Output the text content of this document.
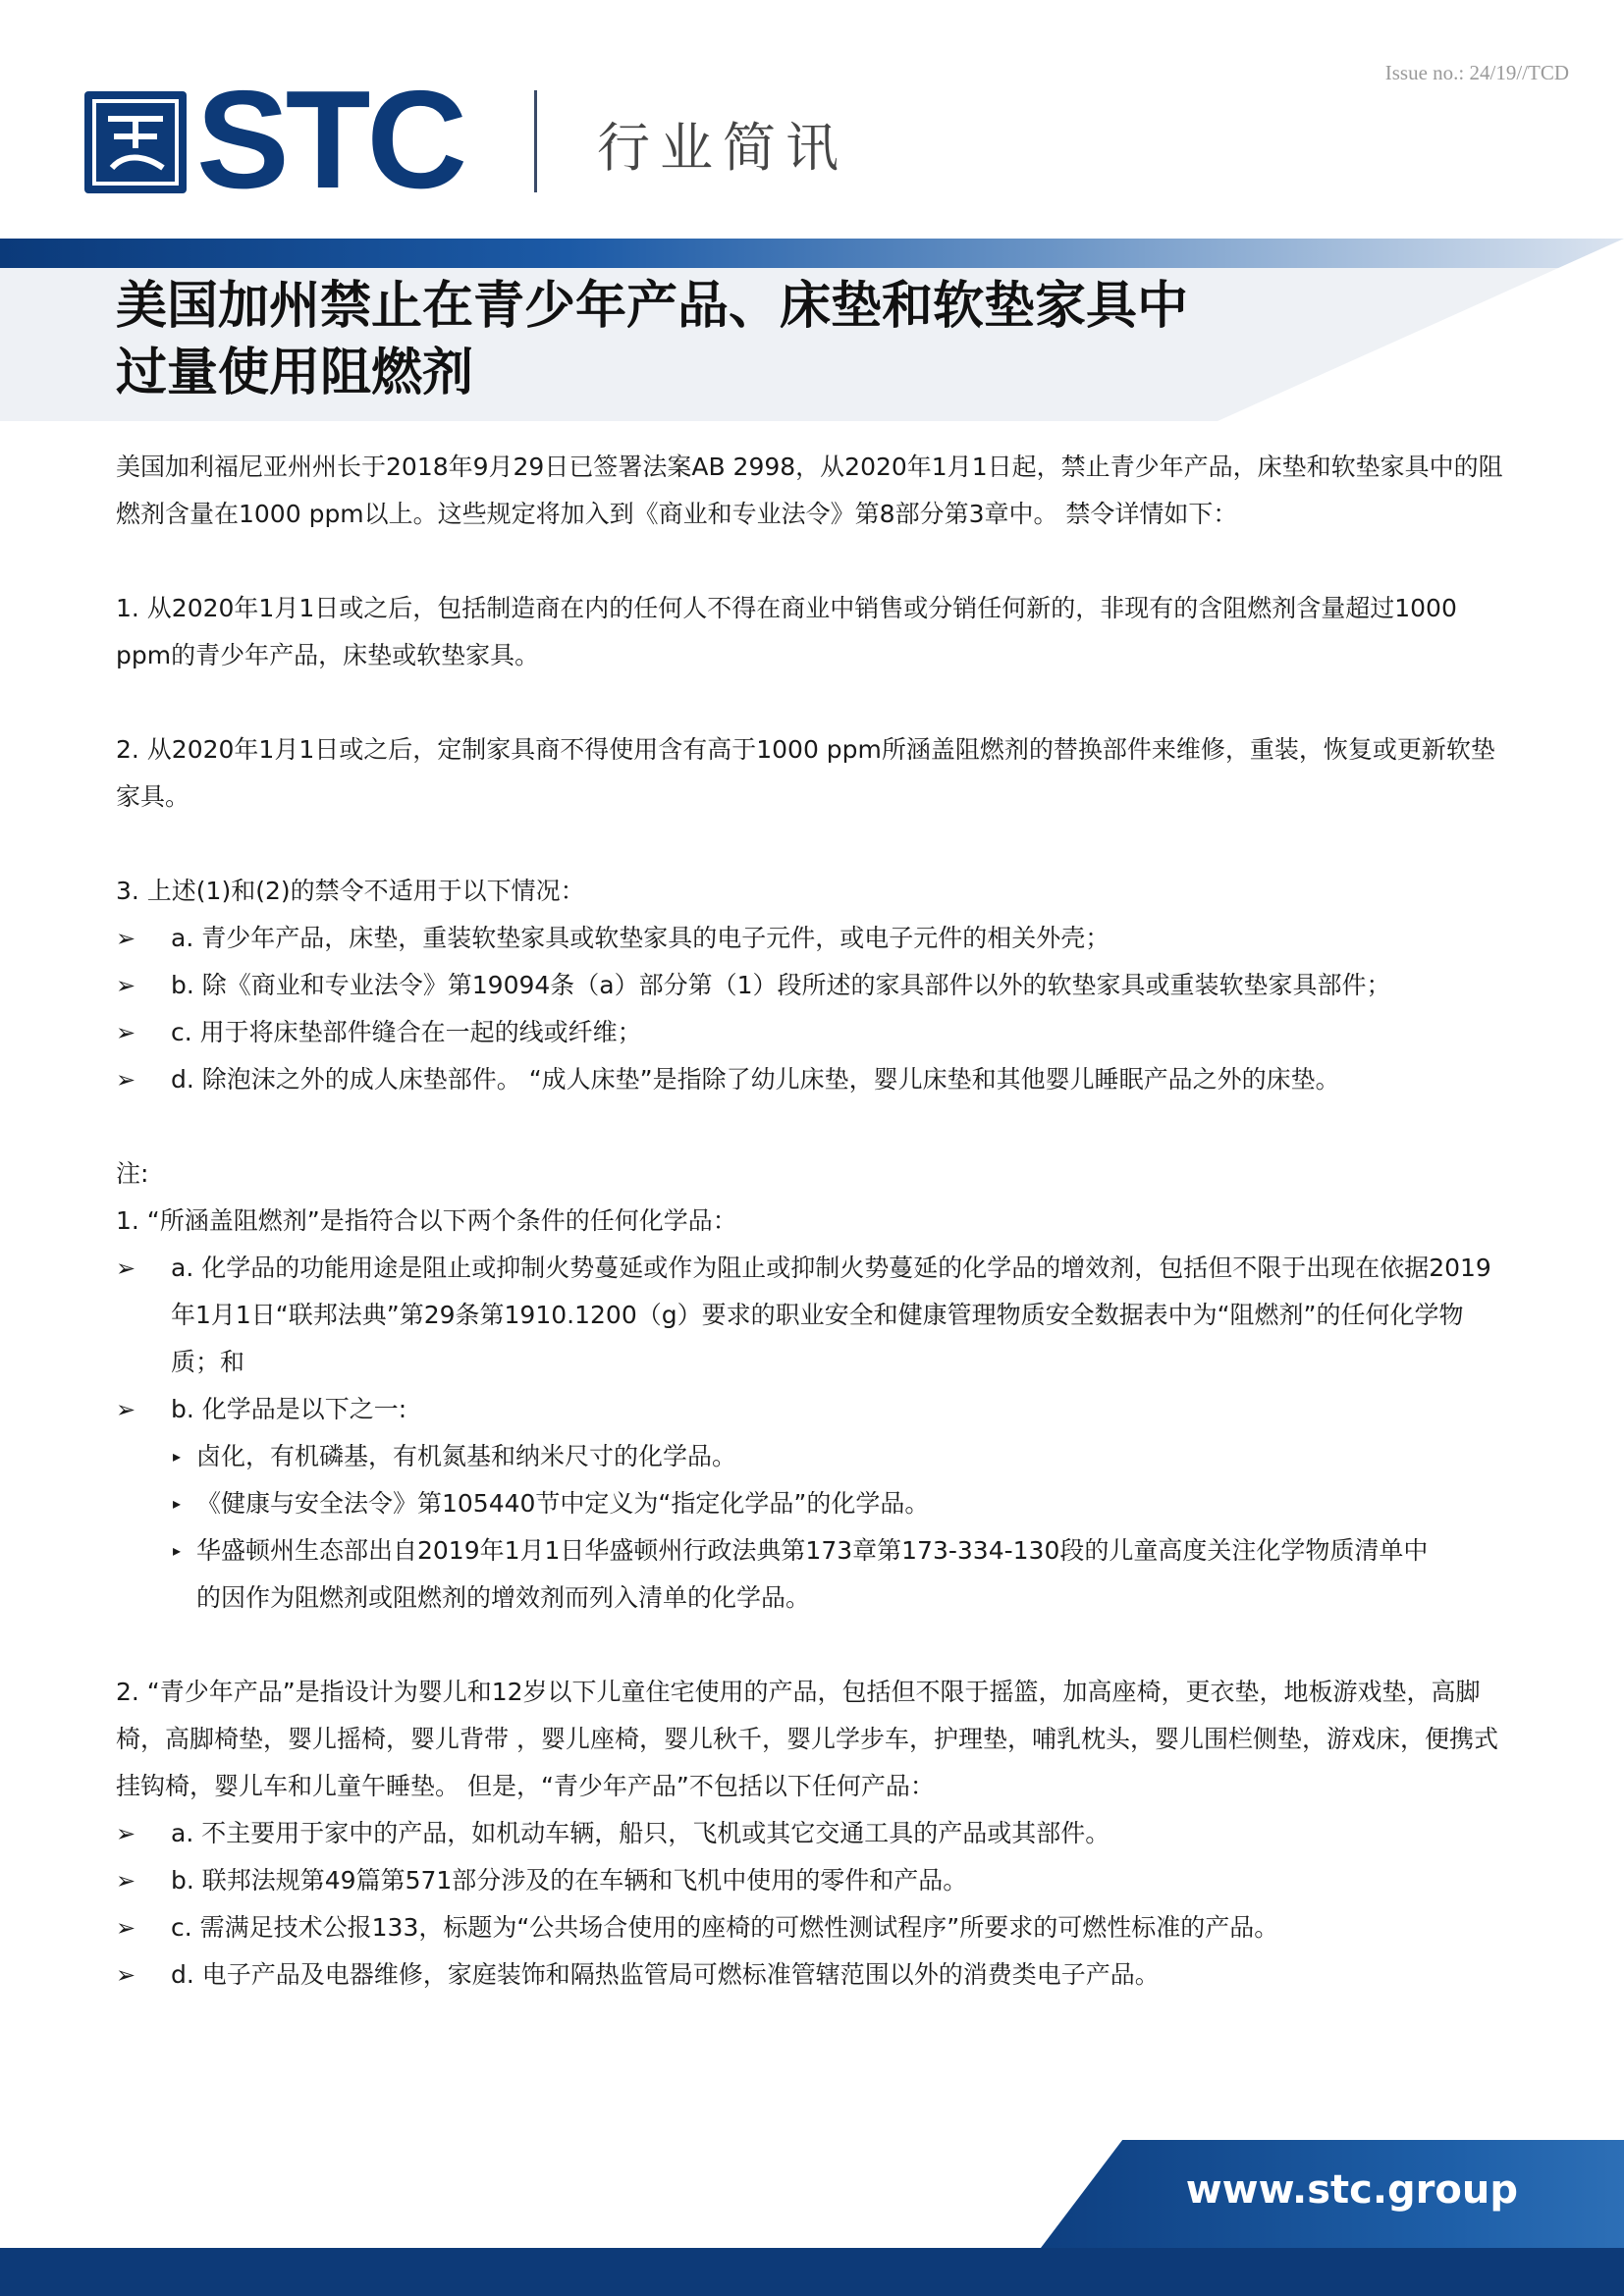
Issue no.: 24/19//TCD
STC	行业简讯
美国加州禁止在青少年产品、床垫和软垫家具中
过量使用阻燃剂

美国加利福尼亚州州长于2018年9月29日已签署法案AB 2998，从2020年1月1日起，禁止青少年产品，床垫和软垫家具中的阻燃剂含量在1000 ppm以上。这些规定将加入到《商业和专业法令》第8部分第3章中。 禁令详情如下：

1. 从2020年1月1日或之后，包括制造商在内的任何人不得在商业中销售或分销任何新的，非现有的含阻燃剂含量超过1000 ppm的青少年产品，床垫或软垫家具。

2. 从2020年1月1日或之后，定制家具商不得使用含有高于1000 ppm所涵盖阻燃剂的替换部件来维修，重装，恢复或更新软垫家具。

3. 上述(1)和(2)的禁令不适用于以下情况：

➢	a. 青少年产品，床垫，重装软垫家具或软垫家具的电子元件，或电子元件的相关外壳；
➢	b. 除《商业和专业法令》第19094条（a）部分第（1）段所述的家具部件以外的软垫家具或重装软垫家具部件；
➢	c. 用于将床垫部件缝合在一起的线或纤维；
➢	d. 除泡沫之外的成人床垫部件。 “成人床垫”是指除了幼儿床垫，婴儿床垫和其他婴儿睡眠产品之外的床垫。

注:

1. “所涵盖阻燃剂”是指符合以下两个条件的任何化学品：

➢	a. 化学品的功能用途是阻止或抑制火势蔓延或作为阻止或抑制火势蔓延的化学品的增效剂，包括但不限于出现在依据2019年1月1日“联邦法典”第29条第1910.1200（g）要求的职业安全和健康管理物质安全数据表中为“阻燃剂”的任何化学物质；和
➢	b. 化学品是以下之一:
▸ 卤化，有机磷基，有机氮基和纳米尺寸的化学品。
▸ 《健康与安全法令》第105440节中定义为“指定化学品”的化学品。
▸ 华盛顿州生态部出自2019年1月1日华盛顿州行政法典第173章第173-334-130段的儿童高度关注化学物质清单中
的因作为阻燃剂或阻燃剂的增效剂而列入清单的化学品。

2. “青少年产品”是指设计为婴儿和12岁以下儿童住宅使用的产品，包括但不限于摇篮，加高座椅，更衣垫，地板游戏垫，高脚椅，高脚椅垫，婴儿摇椅，婴儿背带 ，婴儿座椅，婴儿秋千，婴儿学步车，护理垫，哺乳枕头，婴儿围栏侧垫，游戏床，便携式挂钩椅，婴儿车和儿童午睡垫。 但是，“青少年产品”不包括以下任何产品：

➢	a. 不主要用于家中的产品，如机动车辆，船只，飞机或其它交通工具的产品或其部件。
➢	b. 联邦法规第49篇第571部分涉及的在车辆和飞机中使用的零件和产品。
➢	c. 需满足技术公报133，标题为“公共场合使用的座椅的可燃性测试程序”所要求的可燃性标准的产品。
➢	d. 电子产品及电器维修，家庭装饰和隔热监管局可燃标准管辖范围以外的消费类电子产品。
www.stc.group
